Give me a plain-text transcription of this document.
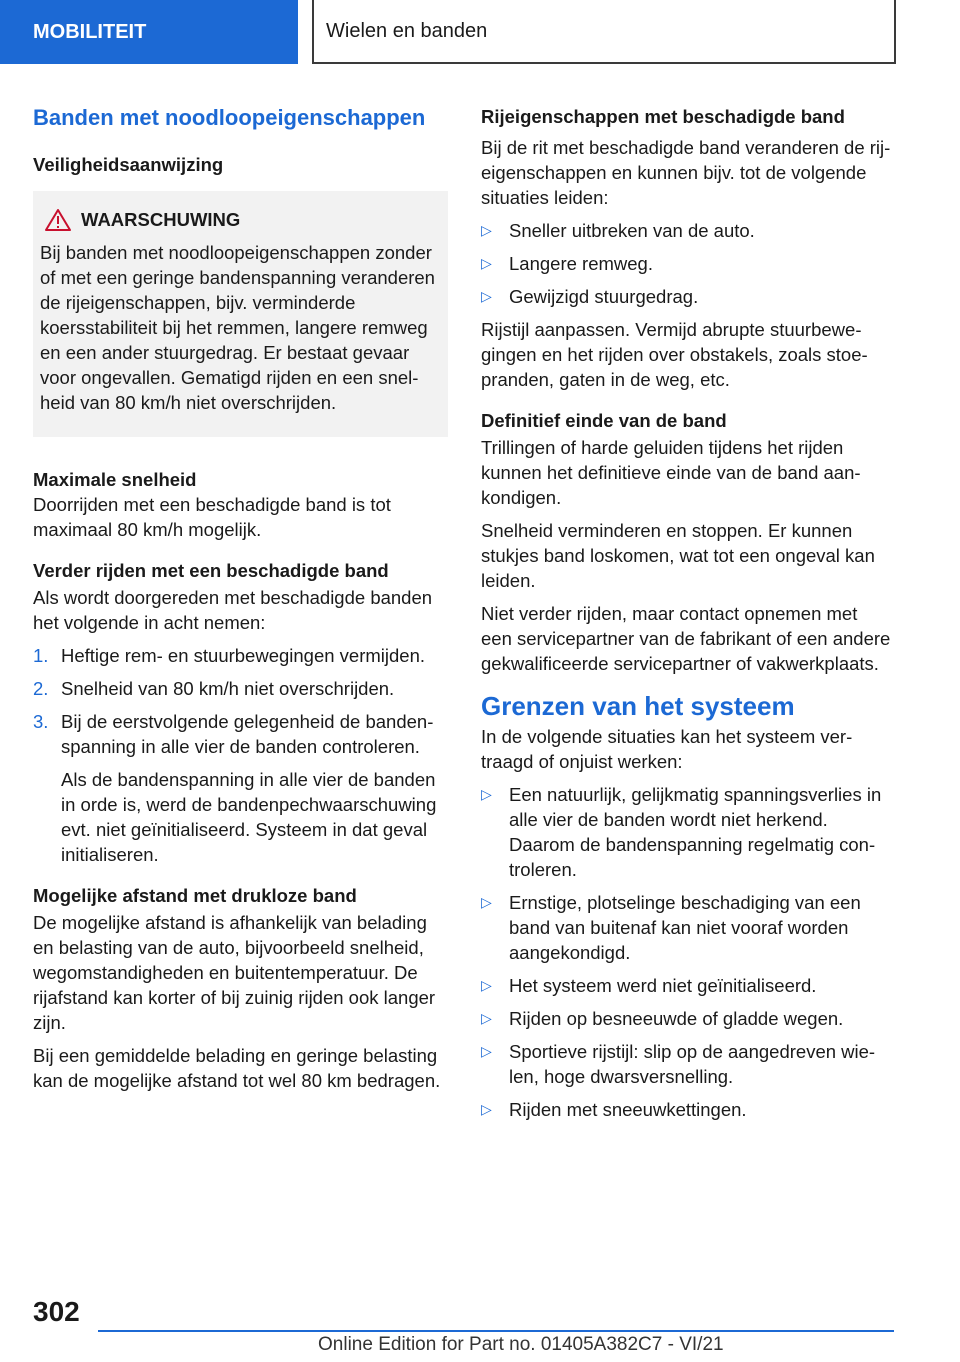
MOBILITEIT	Wielen en banden
Banden met noodloopeigenschappen
Veiligheidsaanwijzing
WAARSCHUWING

Bij banden met noodloopeigenschappen zonder of met een geringe bandenspanning veranderen de rijeigenschappen, bijv. verminderde koersstabiliteit bij het remmen, langere remweg en een ander stuurgedrag. Er bestaat gevaar voor ongevallen. Gematigd rijden en een snelheid van 80 km/h niet overschrijden.

Maximale snelheid

Doorrijden met een beschadigde band is tot maximaal 80 km/h mogelijk.

Verder rijden met een beschadigde band

Als wordt doorgereden met beschadigde banden het volgende in acht nemen:

1. Heftige rem- en stuurbewegingen vermijden.
2. Snelheid van 80 km/h niet overschrijden.
3. Bij de eerstvolgende gelegenheid de bandenspanning in alle vier de banden controleren.

Als de bandenspanning in alle vier de banden in orde is, werd de bandenpechwaarschuwing evt. niet geïnitialiseerd. Systeem in dat geval initialiseren.

Mogelijke afstand met drukloze band

De mogelijke afstand is afhankelijk van belading en belasting van de auto, bijvoorbeeld snelheid, wegomstandigheden en buitentemperatuur. De rijafstand kan korter of bij zuinig rijden ook langer zijn.

Bij een gemiddelde belading en geringe belasting kan de mogelijke afstand tot wel 80 km bedragen.

Rijeigenschappen met beschadigde band

Bij de rit met beschadigde band veranderen de rij-eigenschappen en kunnen bijv. tot de volgende situaties leiden:

▷ Sneller uitbreken van de auto.
▷ Langere remweg.
▷ Gewijzigd stuurgedrag.

Rijstijl aanpassen. Vermijd abrupte stuurbewegingen en het rijden over obstakels, zoals stoepranden, gaten in de weg, etc.

Definitief einde van de band

Trillingen of harde geluiden tijdens het rijden kunnen het definitieve einde van de band aankondigen.

Snelheid verminderen en stoppen. Er kunnen stukjes band loskomen, wat tot een ongeval kan leiden.

Niet verder rijden, maar contact opnemen met een servicepartner van de fabrikant of een andere gekwalificeerde servicepartner of vakwerkplaats.

Grenzen van het systeem

In de volgende situaties kan het systeem vertraagd of onjuist werken:

▷ Een natuurlijk, gelijkmatig spanningsverlies in alle vier de banden wordt niet herkend. Daarom de bandenspanning regelmatig controleren.
▷ Ernstige, plotselinge beschadiging van een band van buitenaf kan niet vooraf worden aangekondigd.
▷ Het systeem werd niet geïnitialiseerd.
▷ Rijden op besneeuwde of gladde wegen.
▷ Sportieve rijstijl: slip op de aangedreven wielen, hoge dwarsversnelling.
▷ Rijden met sneeuwkettingen.
302
Online Edition for Part no. 01405A382C7 - VI/21
